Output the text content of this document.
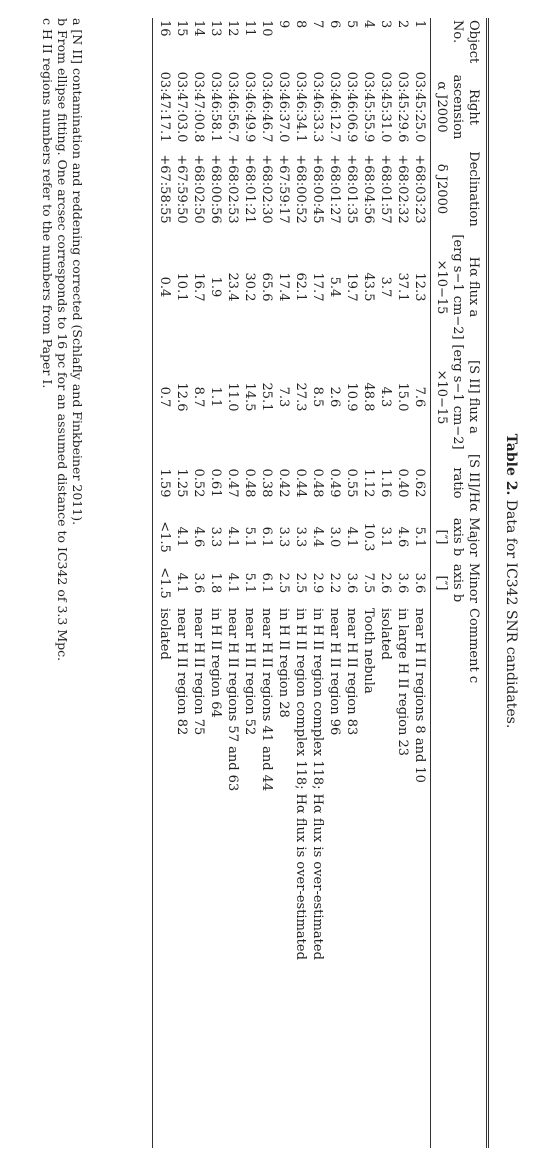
Table 2. Data for IC342 SNR candidates.
Object	Right	Declination	Hα flux a	[S II] flux a	[S II]/Hα	Major	Minor	Comment c
No.	ascension		[erg s−1 cm−2]	[erg s−1 cm−2]	ratio	axis b	axis b	
	α J2000	δ J2000	×10−15	×10−15		[″]	[″]	
1	03:45:25.0	+68:03:23	12.3	7.6	0.62	5.1	3.6	near H II regions 8 and 10
2	03:45:29.6	+68:02:32	37.1	15.0	0.40	4.6	3.6	in large H II region 23
3	03:45:31.0	+68:01:57	3.7	4.3	1.16	3.1	2.6	isolated
4	03:45:55.9	+68:04:56	43.5	48.8	1.12	10.3	7.5	Tooth nebula
5	03:46:06.9	+68:01:35	19.7	10.9	0.55	4.1	3.6	near H II region 83
6	03:46:12.7	+68:01:27	5.4	2.6	0.49	3.0	2.2	near H II region 96
7	03:46:33.3	+68:00:45	17.7	8.5	0.48	4.4	2.9	in H II region complex 118; Hα flux is over-estimated
8	03:46:34.1	+68:00:52	62.1	27.3	0.44	3.3	2.5	in H II region complex 118; Hα flux is over-estimated
9	03:46:37.0	+67:59:17	17.4	7.3	0.42	3.3	2.5	in H II region 28
10	03:46:46.7	+68:02:30	65.6	25.1	0.38	6.1	6.1	near H II regions 41 and 44
11	03:46:49.9	+68:01:21	30.2	14.5	0.48	5.1	5.1	near H II region 52
12	03:46:56.7	+68:02:53	23.4	11.0	0.47	4.1	4.1	near H II regions 57 and 63
13	03:46:58.1	+68:00:56	1.9	1.1	0.61	3.3	1.8	in H II region 64
14	03:47:00.8	+68:02:50	16.7	8.7	0.52	4.6	3.6	near H II region 75
15	03:47:03.0	+67:59:50	10.1	12.6	1.25	4.1	4.1	near H II region 82
16	03:47:17.1	+67:58:55	0.4	0.7	1.59	<1.5	<1.5	isolated
a [N II] contamination and reddening corrected (Schlafly and Finkbeiner 2011).
b From ellipse fitting. One arcsec corresponds to 16 pc for an assumed distance to IC342 of 3.3 Mpc.
c H II regions numbers refer to the numbers from Paper I.
